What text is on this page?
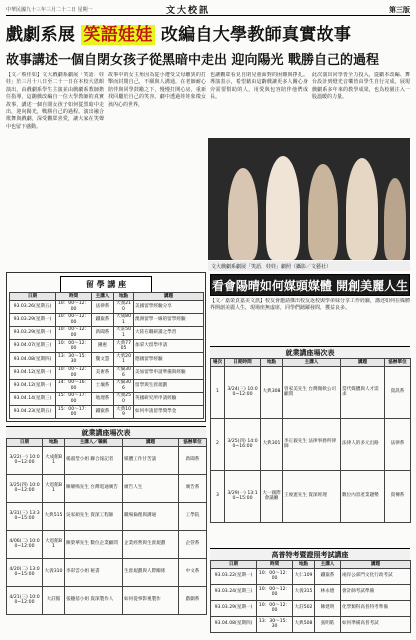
中華民國九十三年三月二十二日 星期一	文大校訊	第三版
戲劇系展 笑語娃娃 改編自大學教師真實故事
故事講述一個自閉女孩子從黑暗中走出 迎向陽光 戰勝自己的過程

【文／蔡佳如】文大戲劇系劇展「笑語．娃娃」於三月十八日至二十一日在本校大恩館演出，由戲劇系學生主演並由戲劇系教師擔任指導，這齣戲改編自一位大學教師的真實故事，講述一個自閉女孩子如何從黑暗中走出，迎向陽光，戰勝自己的過程。演出融合歌舞與戲劇，深受觀眾喜愛，讓大家在笑聲中也留下感動。

故事中的女主角因為從小遭受父母離異的打擊而封閉自己，不願與人溝通，在老師耐心陪伴與同學鼓勵之下，慢慢打開心房，重新找回屬於自己的笑容。劇中透過娃娃象徵女孩內心的世界，

也讓觀眾看見自閉兒童面對的困難與掙扎。導演表示，希望藉由這齣戲讓更多人關心身旁需要幫助的人，用愛與包容陪伴他們成長。

此次演出同學皆全力投入，從劇本改編、舞台設計到燈光音樂皆由學生自行完成，展現戲劇系多年來的教學成果，也為校園注入一股溫暖的力量。

文大戲劇系劇展「笑語．娃娃」劇照（攝影／文藝社）
留 學 講 座
日期	時間	主講人	地點	講題
93.03.26(星期五)	10：00～12：00	法律系	大義210	美國留學經驗分享
93.03.29(星期一)	10：00～12：00	鐵嶽系	大成801	澳洲留學一線的留學經驗
93.03.29(星期一)	10：00～12：00	新聞系	大莊501	大陸在職研讀之學習
93.04.07(星期三)	10：00～12：00	鍾惠	大典7705	加拿大留學申請
93.04.08(星期四)	13：30～15：30	魏文慧	大勇201	德國留學經驗
93.04.12(星期一)	10：00～12：00	美術系	大倫306	美加留學申請準備與經驗
93.04.12(星期一)	14：00～16：00	土壤系	大倫306	留學與生涯規劃
93.04.14(星期三)	15：00～17：00	地理系	大義250	英國研究所申請經驗
93.04.23(星期五)	15：00～17：00	鐵嶽系	大典109	如何申請留學獎學金
就業講座場次表
日期	地點	主講人／職稱	講題	協辦單位
3/22(一) 10:00~12:00	大成館B1	楊淑瑩小姐 聯合報記者	媒體工作甘苦談	新聞系
3/25(四) 10:00~12:00	大恩館B1	陳燿鳴先生 台灣電通廣告	廣告人生	廣告系
3/31(三) 13:30~15:00	大典515	吳家碩先生 資深工程師	職場倫理與溝通	工學院
4/06(二) 10:00~12:00	大恩館B1	陳榮華先生 數位企業顧問	企業經營與生涯規劃	企管系
4/20(二) 13:00~15:00	大義310	李彩雲小姐 秘書	生涯規劃與人際關係	中文系
4/21(三) 10:00~12:00	大莊館	張穗蓓小姐 資深製作人	如何從事影視製作	戲劇系
看會陽晴如何媒頭媒體 開創美麗人生
【文／嘉榮貞嘉美文訊】校友會邀請傑出校友返校與學弟妹分享工作經驗，講述如何在媒體界開創美麗人生，現場座無虛席，同學們踴躍發問，獲益良多。
就業講座場次表
場次	日期時間	地點	主講人	講題	協辦單位
1	3/24(三) 10:00~12:00	大典308	曾家美先生 台灣微軟公司顧問	當代媒體與人才需求	資訊系
2	3/25(四) 14:00~16:00	大典301	李正毅先生 法律事務所律師	法律人的多元出路	法律系
3	3/29(一) 13:10~15:00	大一國際會議廳	王俊憲先生 資深經理	數位內容產業趨勢	資傳系
高普特考暨證照考試講座
日期	時間	地點	主講人	講題
93.03.22(星期一)	10：00～12：00	大仁109	鐵嶽系	兩岸公部門文化行政考試
93.03.24(星期三)	10：00～12：00	大義315	林永德	會計師考試準備
93.03.29(星期一)	10：00～12：00	大莊502	陳建明	化學類科高普特考準備
93.04.08(星期四)	13：30～15：30	大典508	張明皓	如何準備高普考試
